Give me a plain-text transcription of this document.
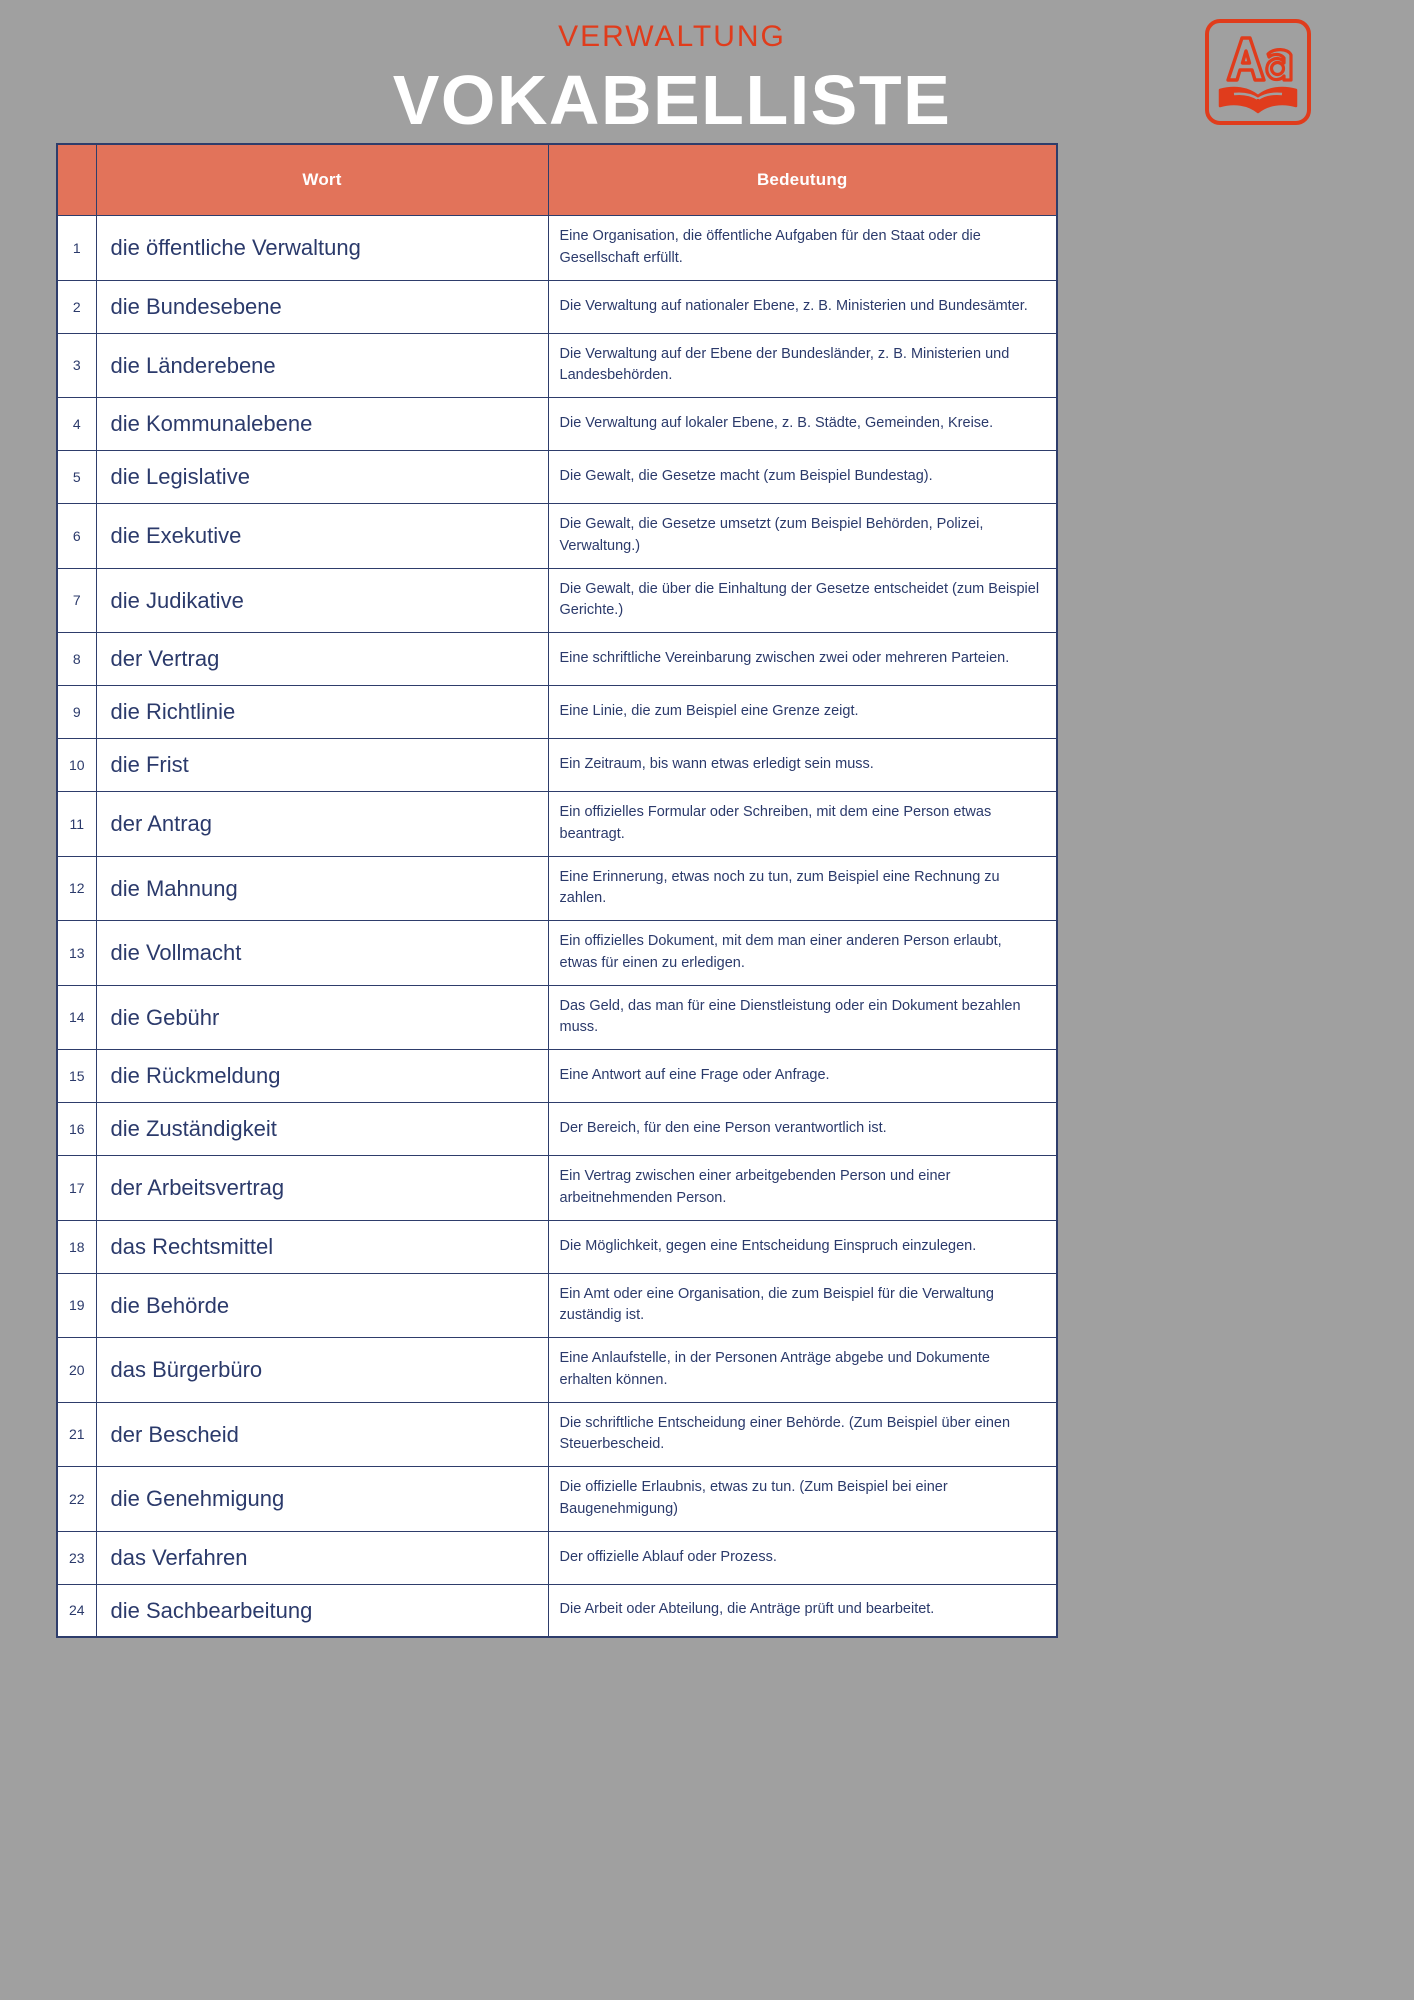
VERWALTUNG
VOKABELLISTE
	Wort	Bedeutung
1	die öffentliche Verwaltung	Eine Organisation, die öffentliche Aufgaben für den Staat oder die Gesellschaft erfüllt.
2	die Bundesebene	Die Verwaltung auf nationaler Ebene, z. B. Ministerien und Bundesämter.
3	die Länderebene	Die Verwaltung auf der Ebene der Bundesländer, z. B. Ministerien und Landesbehörden.
4	die Kommunalebene	Die Verwaltung auf lokaler Ebene, z. B. Städte, Gemeinden, Kreise.
5	die Legislative	Die Gewalt, die Gesetze macht (zum Beispiel Bundestag).
6	die Exekutive	Die Gewalt, die Gesetze umsetzt (zum Beispiel Behörden, Polizei, Verwaltung.)
7	die Judikative	Die Gewalt, die über die Einhaltung der Gesetze entscheidet (zum Beispiel Gerichte.)
8	der Vertrag	Eine schriftliche Vereinbarung zwischen zwei oder mehreren Parteien.
9	die Richtlinie	Eine Linie, die zum Beispiel eine Grenze zeigt.
10	die Frist	Ein Zeitraum, bis wann etwas erledigt sein muss.
11	der Antrag	Ein offizielles Formular oder Schreiben, mit dem eine Person etwas beantragt.
12	die Mahnung	Eine Erinnerung, etwas noch zu tun, zum Beispiel eine Rechnung zu zahlen.
13	die Vollmacht	Ein offizielles Dokument, mit dem man einer anderen Person erlaubt, etwas für einen zu erledigen.
14	die Gebühr	Das Geld, das man für eine Dienstleistung oder ein Dokument bezahlen muss.
15	die Rückmeldung	Eine Antwort auf eine Frage oder Anfrage.
16	die Zuständigkeit	Der Bereich, für den eine Person verantwortlich ist.
17	der Arbeitsvertrag	Ein Vertrag zwischen einer arbeitgebenden Person und einer arbeitnehmenden Person.
18	das Rechtsmittel	Die Möglichkeit, gegen eine Entscheidung Einspruch einzulegen.
19	die Behörde	Ein Amt oder eine Organisation, die zum Beispiel für die Verwaltung zuständig ist.
20	das Bürgerbüro	Eine Anlaufstelle, in der Personen Anträge abgebe und Dokumente erhalten können.
21	der Bescheid	Die schriftliche Entscheidung einer Behörde. (Zum Beispiel über einen Steuerbescheid.
22	die Genehmigung	Die offizielle Erlaubnis, etwas zu tun. (Zum Beispiel bei einer Baugenehmigung)
23	das Verfahren	Der offizielle Ablauf oder Prozess.
24	die Sachbearbeitung	Die Arbeit oder Abteilung, die Anträge prüft und bearbeitet.
